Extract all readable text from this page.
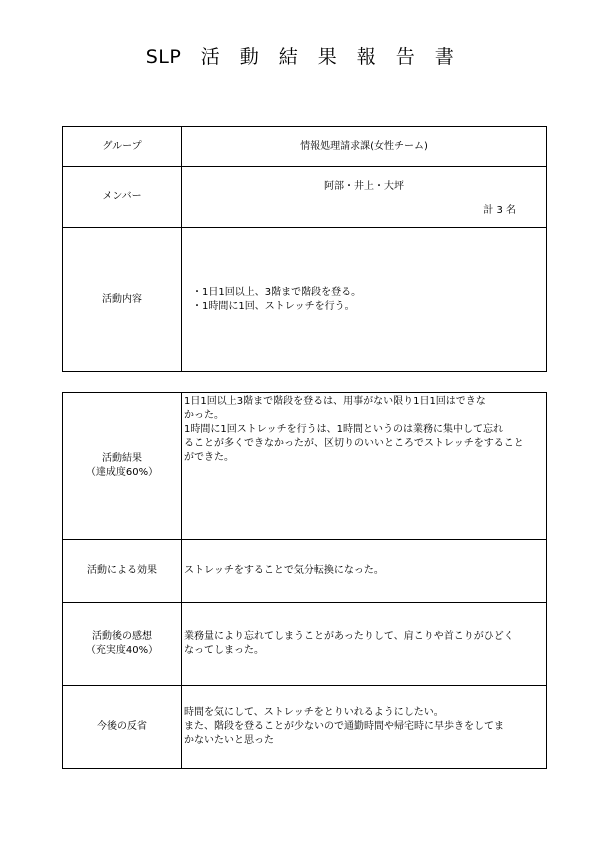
SLP　活　動　結　果　報　告　書
グループ	情報処理請求課(女性チーム)
メンバー	阿部・井上・大坪
計 3 名

活動内容	・1日1回以上、3階まで階段を登る。
・1時間に1回、ストレッチを行う。
活動結果
（達成度60%）	1日1回以上3階まで階段を登るは、用事がない限り1日1回はできな
かった。
1時間に1回ストレッチを行うは、1時間というのは業務に集中して忘れ
ることが多くできなかったが、区切りのいいところでストレッチをすること
ができた。

活動による効果	ストレッチをすることで気分転換になった。

活動後の感想
（充実度40%）	業務量により忘れてしまうことがあったりして、肩こりや首こりがひどく
なってしまった。

今後の反省	時間を気にして、ストレッチをとりいれるようにしたい。
また、階段を登ることが少ないので通勤時間や帰宅時に早歩きをしてま
かないたいと思った
